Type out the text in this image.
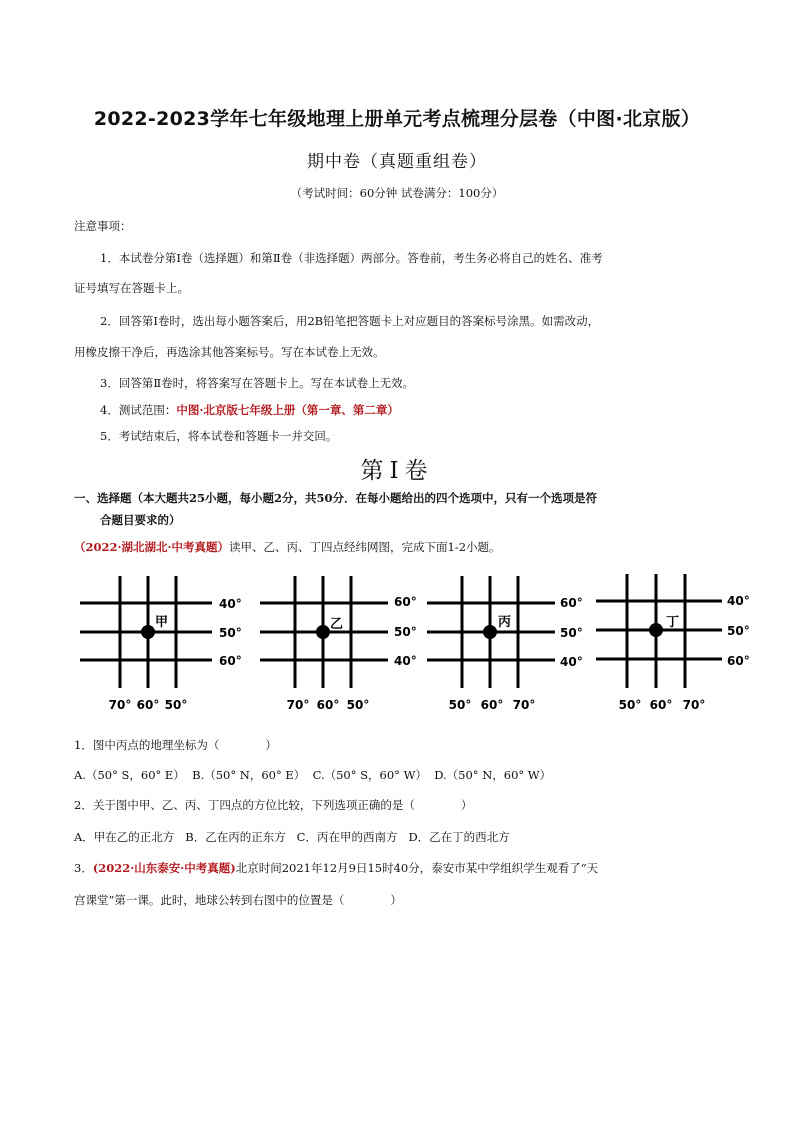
2022-2023学年七年级地理上册单元考点梳理分层卷（中图·北京版）
期中卷（真题重组卷）
（考试时间：60分钟 试卷满分：100分）
注意事项：
1．本试卷分第Ⅰ卷（选择题）和第Ⅱ卷（非选择题）两部分。答卷前，考生务必将自己的姓名、准考
证号填写在答题卡上。
2．回答第Ⅰ卷时，选出每小题答案后，用2B铅笔把答题卡上对应题目的答案标号涂黑。如需改动，
用橡皮擦干净后，再选涂其他答案标号。写在本试卷上无效。
3．回答第Ⅱ卷时，将答案写在答题卡上。写在本试卷上无效。
4．测试范围：中图·北京版七年级上册（第一章、第二章）
5．考试结束后，将本试卷和答题卡一并交回。
第Ⅰ卷
一、选择题（本大题共25小题，每小题2分，共50分．在每小题给出的四个选项中，只有一个选项是符
合题目要求的）
（2022·湖北湖北·中考真题）读甲、乙、丙、丁四点经纬网图，完成下面1-2小题。
甲
40°
50°
60°
70° 60° 50°
乙
60°
50°
40°
70° 60° 50°
丙
60°
50°
40°
50° 60° 70°
丁
40°
50°
60°
50° 60° 70°
1．图中丙点的地理坐标为（　　　　）
A.（50° S，60° E）  B.（50° N，60° E）  C.（50° S，60° W）  D.（50° N，60° W）
2．关于图中甲、乙、丙、丁四点的方位比较，下列选项正确的是（　　　　）
A．甲在乙的正北方   B．乙在丙的正东方   C．丙在甲的西南方   D．乙在丁的西北方
3．(2022·山东泰安·中考真题)北京时间2021年12月9日15时40分，泰安市某中学组织学生观看了“天
宫课堂”第一课。此时，地球公转到右图中的位置是（　　　　）
